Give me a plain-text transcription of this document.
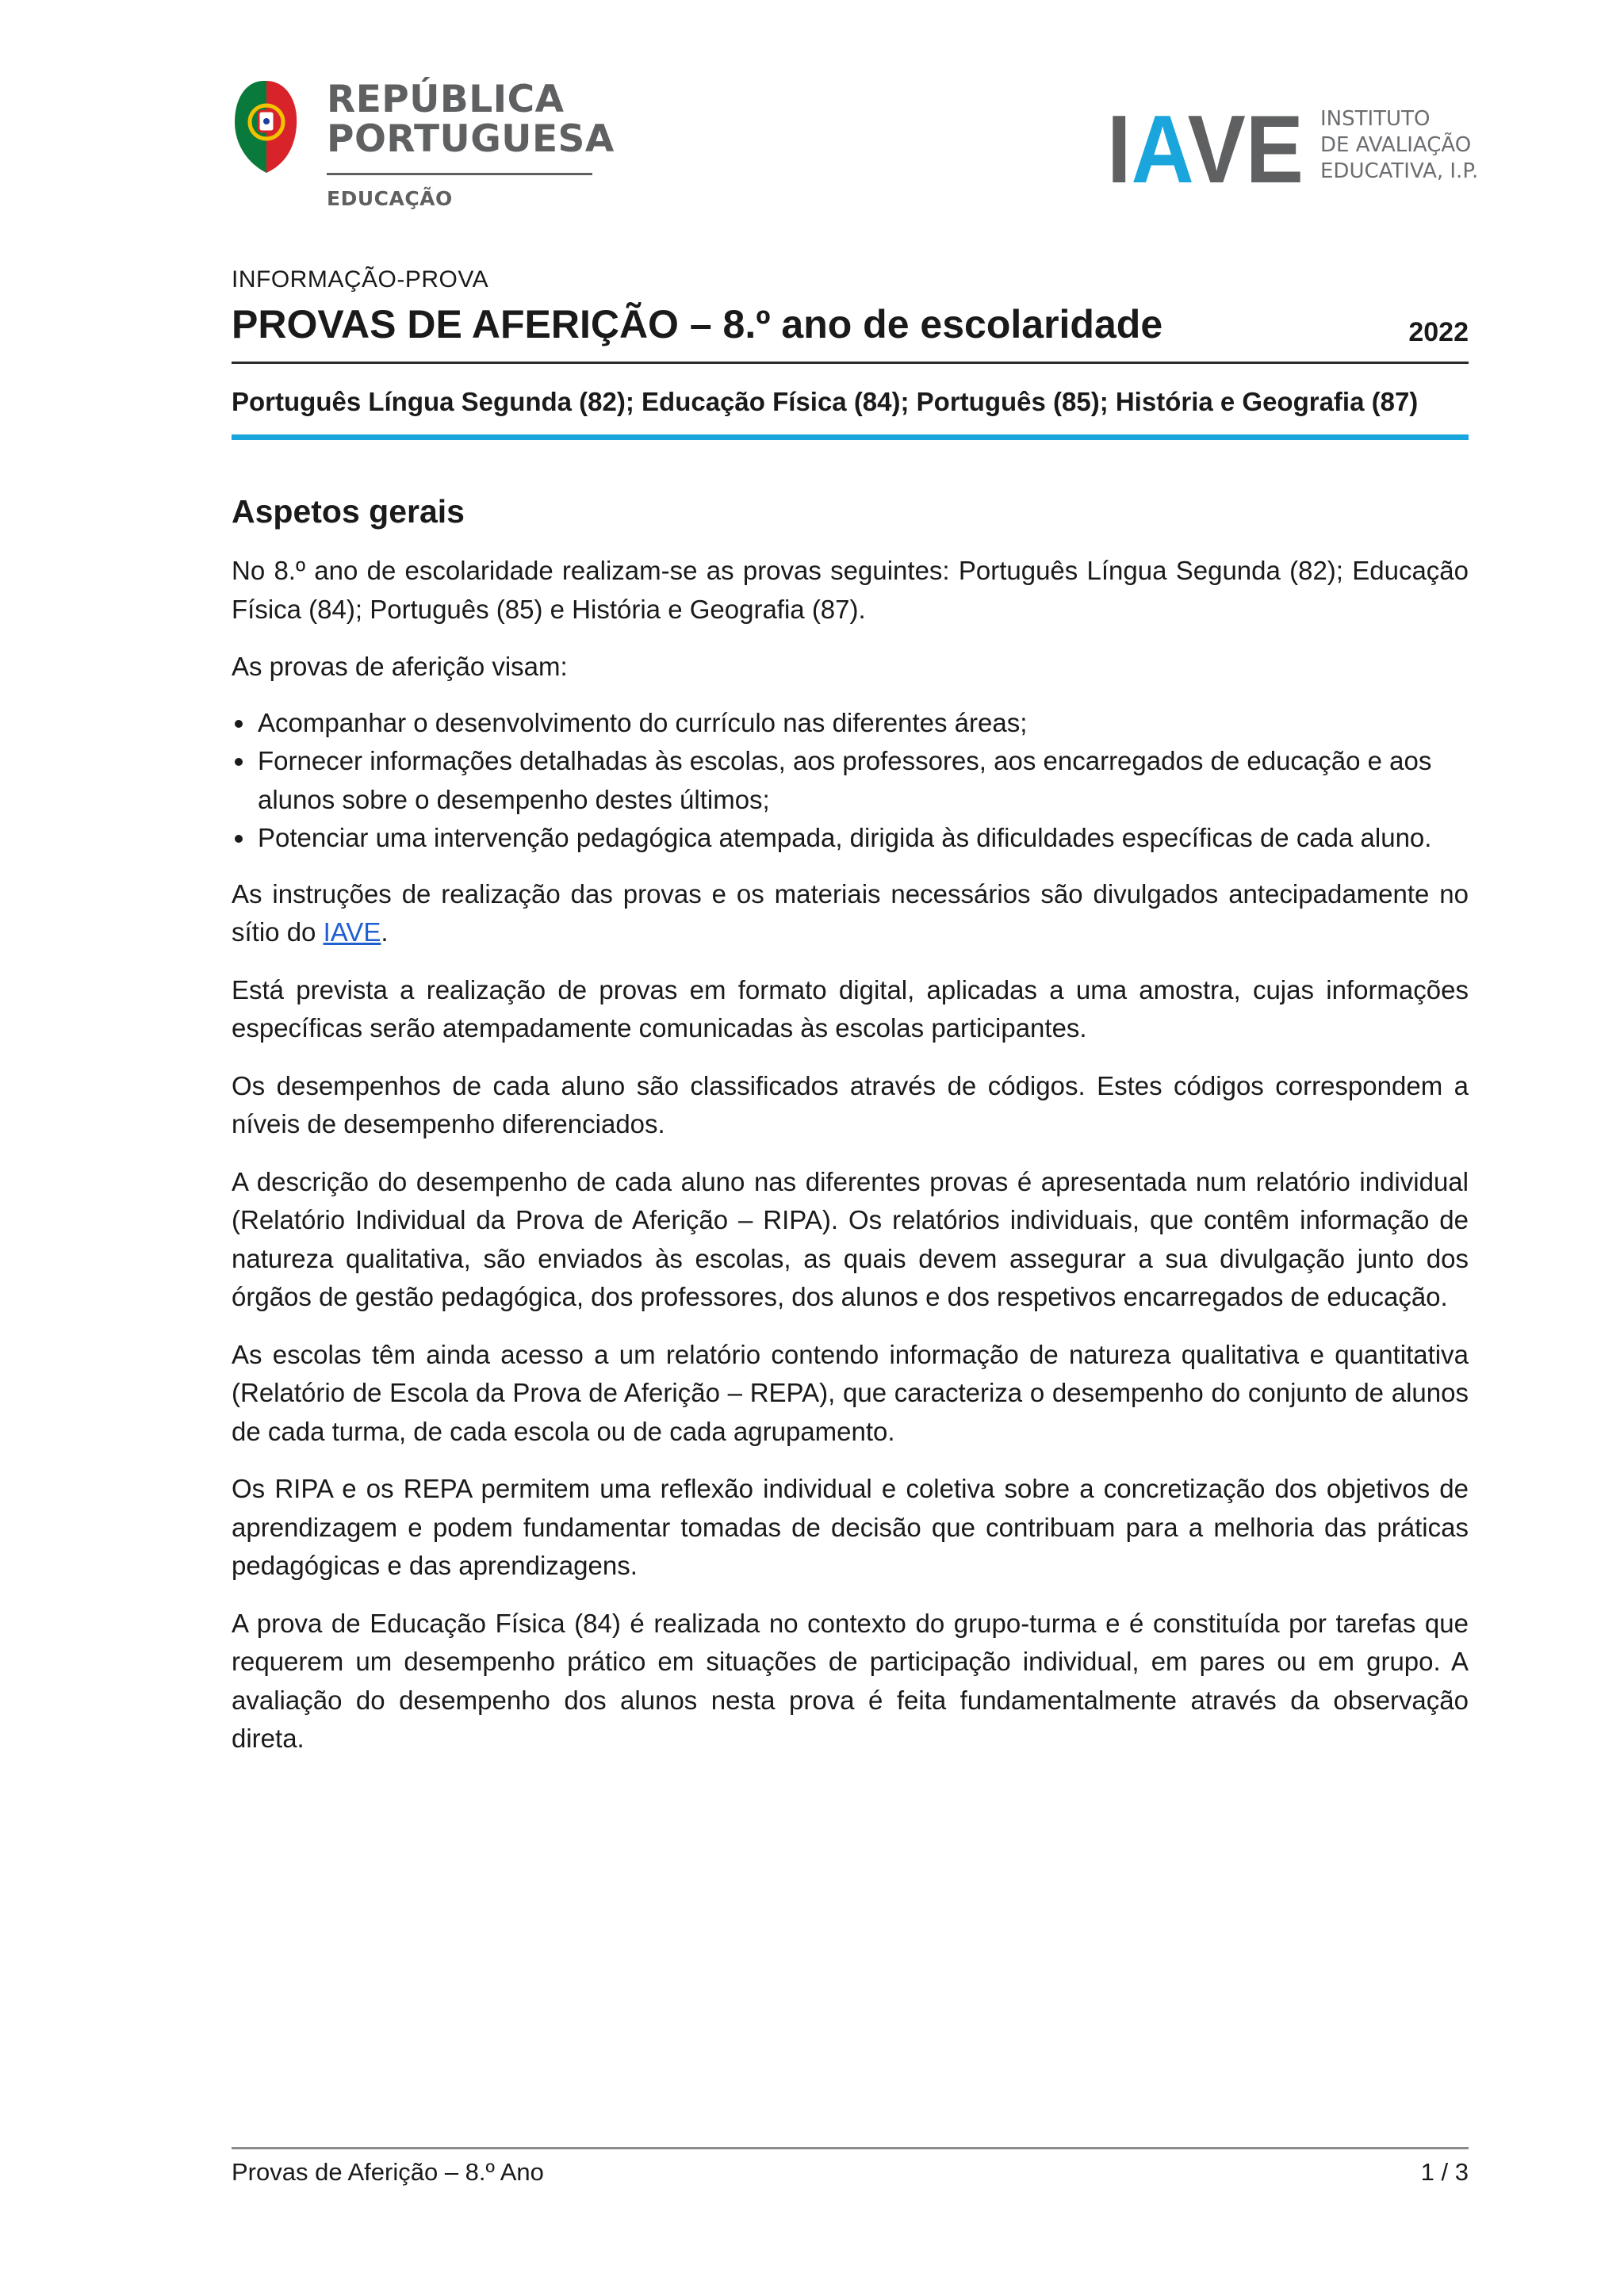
REPÚBLICA
PORTUGUESA
EDUCAÇÃO	IAVE INSTITUTO
DE AVALIAÇÃO
EDUCATIVA, I.P.
INFORMAÇÃO-PROVA
PROVAS DE AFERIÇÃO – 8.º ano de escolaridade	2022
Português Língua Segunda (82); Educação Física (84); Português (85); História e Geografia (87)
Aspetos gerais

No 8.º ano de escolaridade realizam-se as provas seguintes: Português Língua Segunda (82); Educação Física (84); Português (85) e História e Geografia (87).

As provas de aferição visam:

Acompanhar o desenvolvimento do currículo nas diferentes áreas;
Fornecer informações detalhadas às escolas, aos professores, aos encarregados de educação e aos alunos sobre o desempenho destes últimos;
Potenciar uma intervenção pedagógica atempada, dirigida às dificuldades específicas de cada aluno.

As instruções de realização das provas e os materiais necessários são divulgados antecipadamente no sítio do IAVE.

Está prevista a realização de provas em formato digital, aplicadas a uma amostra, cujas informações específicas serão atempadamente comunicadas às escolas participantes.

Os desempenhos de cada aluno são classificados através de códigos. Estes códigos correspondem a níveis de desempenho diferenciados.

A descrição do desempenho de cada aluno nas diferentes provas é apresentada num relatório individual (Relatório Individual da Prova de Aferição – RIPA). Os relatórios individuais, que contêm informação de natureza qualitativa, são enviados às escolas, as quais devem assegurar a sua divulgação junto dos órgãos de gestão pedagógica, dos professores, dos alunos e dos respetivos encarregados de educação.

As escolas têm ainda acesso a um relatório contendo informação de natureza qualitativa e quantitativa (Relatório de Escola da Prova de Aferição – REPA), que caracteriza o desempenho do conjunto de alunos de cada turma, de cada escola ou de cada agrupamento.

Os RIPA e os REPA permitem uma reflexão individual e coletiva sobre a concretização dos objetivos de aprendizagem e podem fundamentar tomadas de decisão que contribuam para a melhoria das práticas pedagógicas e das aprendizagens.

A prova de Educação Física (84) é realizada no contexto do grupo-turma e é constituída por tarefas que requerem um desempenho prático em situações de participação individual, em pares ou em grupo. A avaliação do desempenho dos alunos nesta prova é feita fundamentalmente através da observação direta.

Provas de Aferição – 8.º Ano	1 / 3
